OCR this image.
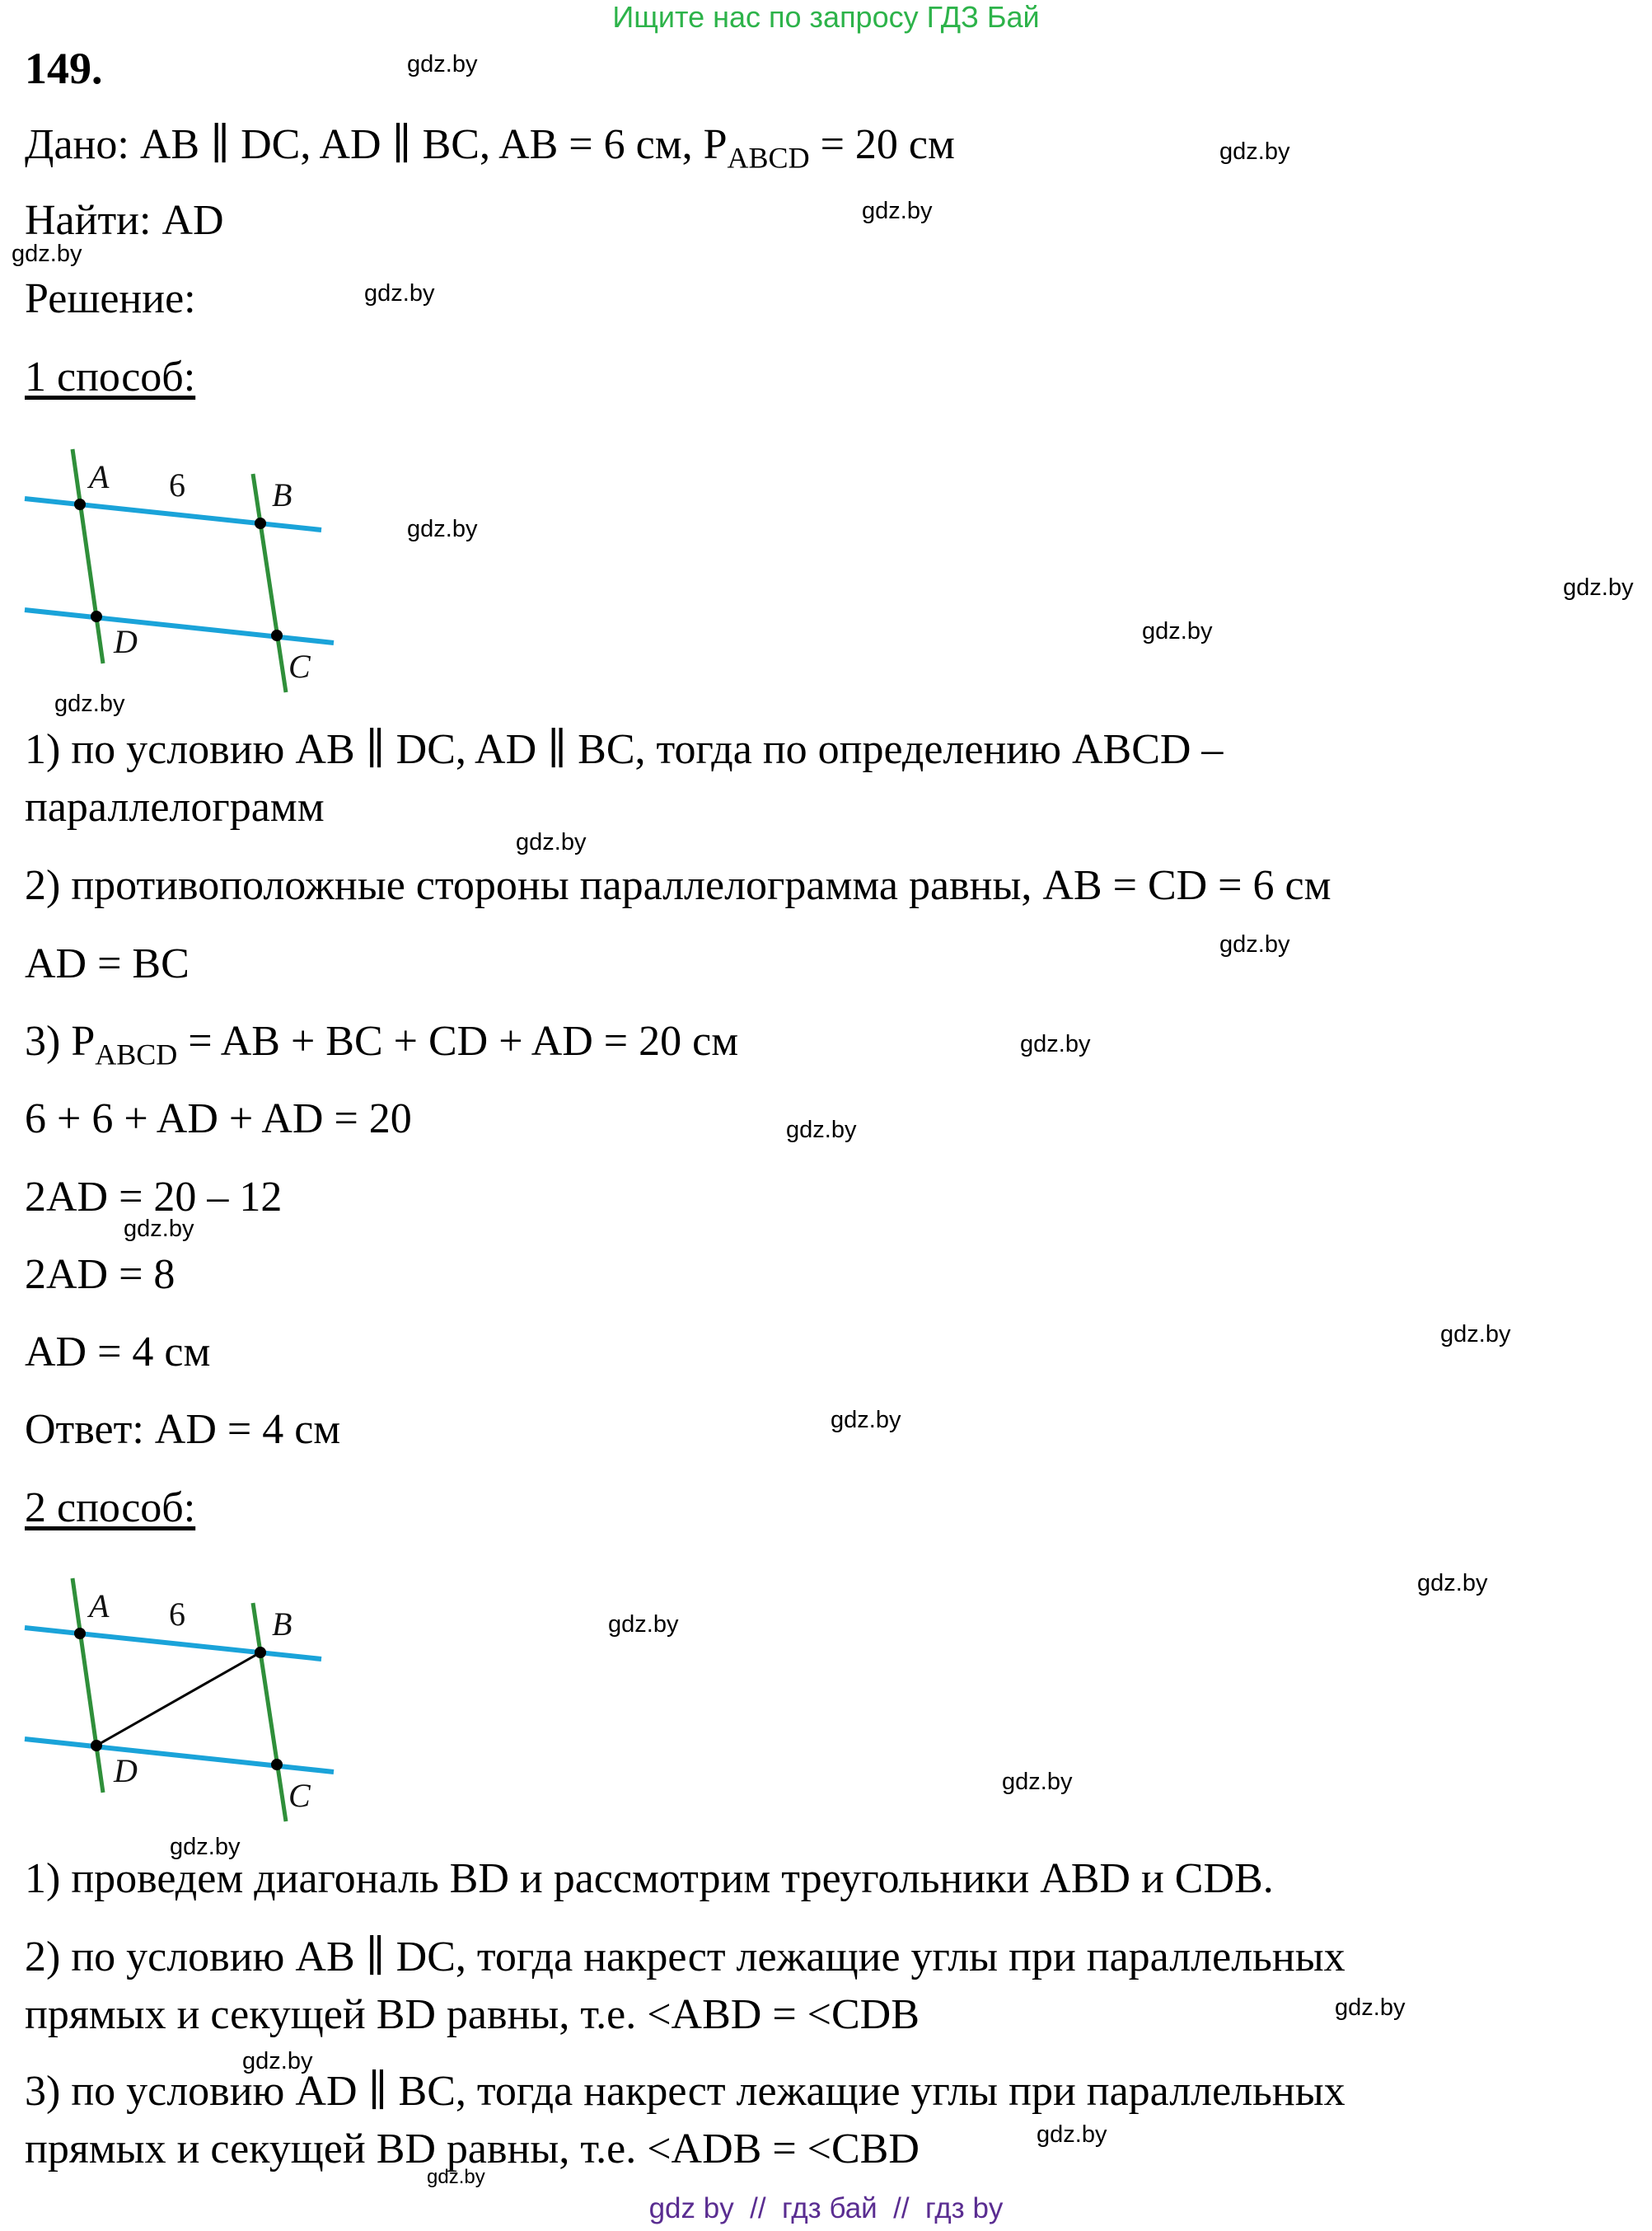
Ищите нас по запросу ГДЗ Бай
149.
Дано: AB ∥ DC, AD ∥ BC, AB = 6 см, $P_{ABCD} = 20$ см
Найти: AD
Решение:
1 способ:
A 6	B
D
C
1) по условию AB ∥ DC, AD ∥ BC, тогда по определению ABCD –
параллелограмм
2) противоположные стороны параллелограмма равны, AB = CD = 6 см
AD = BC
3) $P_{ABCD}$ = AB + BC + CD + AD = 20 см
6 + 6 + AD + AD = 20
2AD = 20 – 12
2AD = 8
AD = 4 см
Ответ: AD = 4 см
2 способ:
A 6	B
D
C
1) проведем диагональ BD и рассмотрим треугольники ABD и CDB.
2) по условию AB ∥ DC, тогда накрест лежащие углы при параллельных
прямых и секущей BD равны, т.е. <ABD = <CDB
3) по условию AD ∥ BC, тогда накрест лежащие углы при параллельных
прямых и секущей BD равны, т.е. <ADB = <CBD
gdz.by
gdz.by
gdz.by
gdz.by
gdz.by
gdz.by
gdz.by
gdz.by
gdz.by
gdz.by
gdz.by
gdz.by
gdz.by
gdz.by
gdz.by
gdz.by
gdz.by
gdz.by
gdz.by
gdz.by
gdz.by
gdz.by
gdz.by
gdz.by
gdz by  //  гдз бай  //  гдз by
